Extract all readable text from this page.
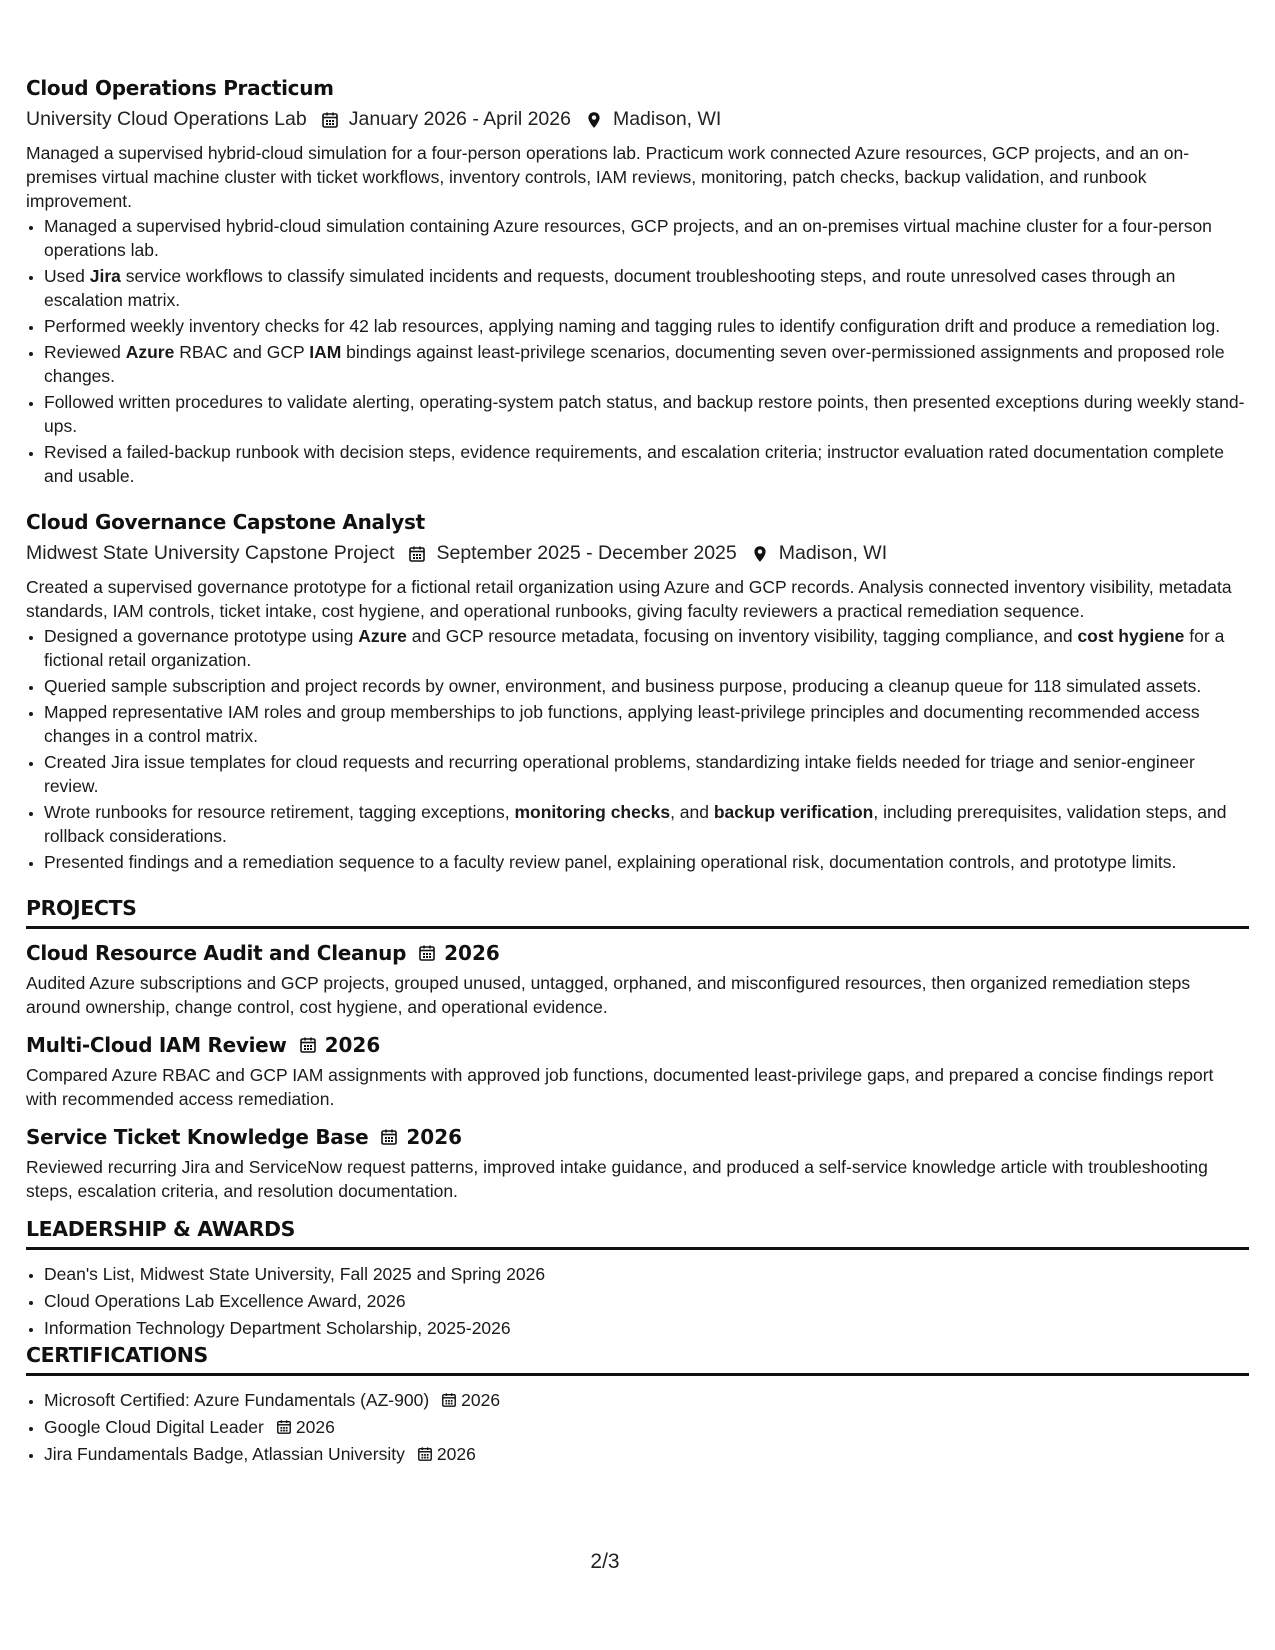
Cloud Operations Practicum
University Cloud Operations Lab January 2026 - April 2026 Madison, WI
Managed a supervised hybrid-cloud simulation for a four-person operations lab. Practicum work connected Azure resources, GCP projects, and an on-premises virtual machine cluster with ticket workflows, inventory controls, IAM reviews, monitoring, patch checks, backup validation, and runbook improvement.
• Managed a supervised hybrid-cloud simulation containing Azure resources, GCP projects, and an on-premises virtual machine cluster for a four-person operations lab.
• Used Jira service workflows to classify simulated incidents and requests, document troubleshooting steps, and route unresolved cases through an escalation matrix.
• Performed weekly inventory checks for 42 lab resources, applying naming and tagging rules to identify configuration drift and produce a remediation log.
• Reviewed Azure RBAC and GCP IAM bindings against least-privilege scenarios, documenting seven over-permissioned assignments and proposed role changes.
• Followed written procedures to validate alerting, operating-system patch status, and backup restore points, then presented exceptions during weekly stand-ups.
• Revised a failed-backup runbook with decision steps, evidence requirements, and escalation criteria; instructor evaluation rated documentation complete and usable.
Cloud Governance Capstone Analyst
Midwest State University Capstone Project September 2025 - December 2025 Madison, WI
Created a supervised governance prototype for a fictional retail organization using Azure and GCP records. Analysis connected inventory visibility, metadata standards, IAM controls, ticket intake, cost hygiene, and operational runbooks, giving faculty reviewers a practical remediation sequence.
• Designed a governance prototype using Azure and GCP resource metadata, focusing on inventory visibility, tagging compliance, and cost hygiene for a fictional retail organization.
• Queried sample subscription and project records by owner, environment, and business purpose, producing a cleanup queue for 118 simulated assets.
• Mapped representative IAM roles and group memberships to job functions, applying least-privilege principles and documenting recommended access changes in a control matrix.
• Created Jira issue templates for cloud requests and recurring operational problems, standardizing intake fields needed for triage and senior-engineer review.
• Wrote runbooks for resource retirement, tagging exceptions, monitoring checks, and backup verification, including prerequisites, validation steps, and rollback considerations.
• Presented findings and a remediation sequence to a faculty review panel, explaining operational risk, documentation controls, and prototype limits.
PROJECTS
Cloud Resource Audit and Cleanup 2026
Audited Azure subscriptions and GCP projects, grouped unused, untagged, orphaned, and misconfigured resources, then organized remediation steps around ownership, change control, cost hygiene, and operational evidence.
Multi-Cloud IAM Review 2026
Compared Azure RBAC and GCP IAM assignments with approved job functions, documented least-privilege gaps, and prepared a concise findings report with recommended access remediation.
Service Ticket Knowledge Base 2026
Reviewed recurring Jira and ServiceNow request patterns, improved intake guidance, and produced a self-service knowledge article with troubleshooting steps, escalation criteria, and resolution documentation.
LEADERSHIP & AWARDS
• Dean's List, Midwest State University, Fall 2025 and Spring 2026
• Cloud Operations Lab Excellence Award, 2026
• Information Technology Department Scholarship, 2025-2026
CERTIFICATIONS
• Microsoft Certified: Azure Fundamentals (AZ-900) 2026
• Google Cloud Digital Leader 2026
• Jira Fundamentals Badge, Atlassian University 2026
2/3
